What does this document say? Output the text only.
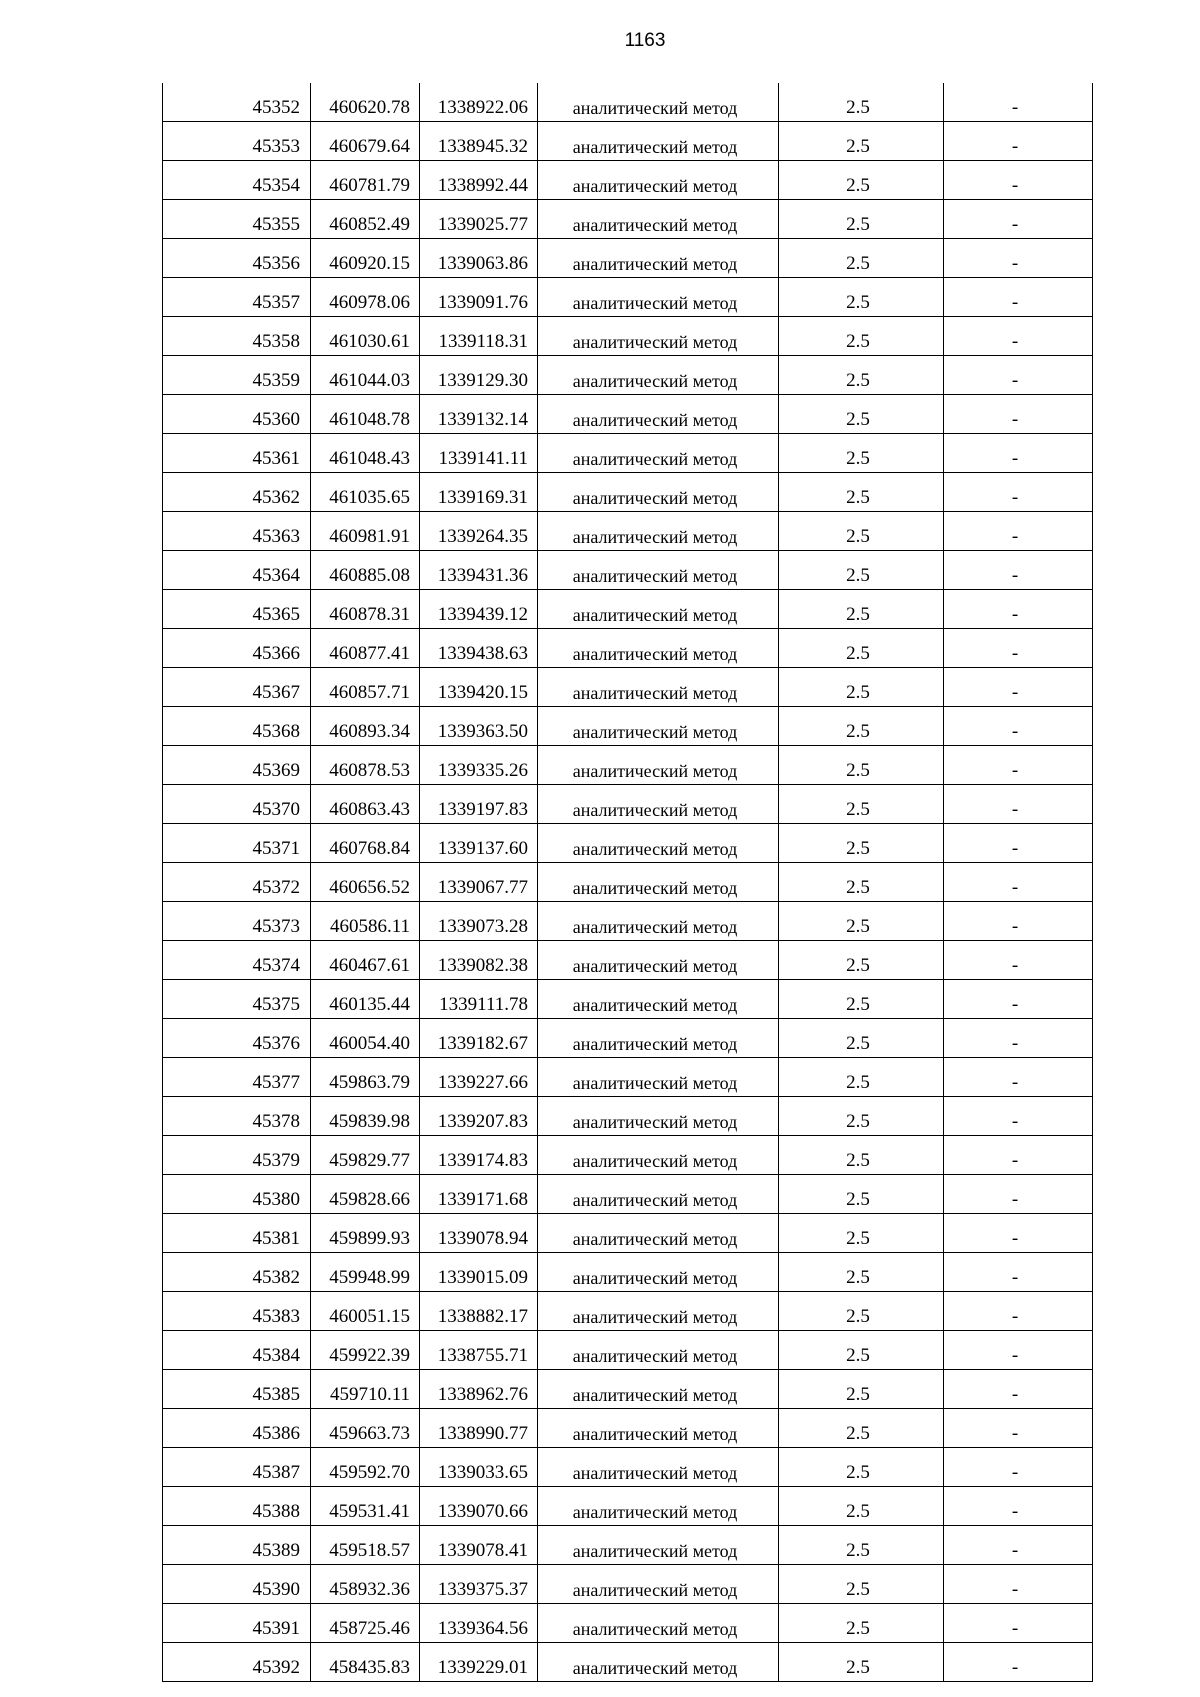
1163
45352	460620.78	1338922.06	аналитический метод	2.5	-
45353	460679.64	1338945.32	аналитический метод	2.5	-
45354	460781.79	1338992.44	аналитический метод	2.5	-
45355	460852.49	1339025.77	аналитический метод	2.5	-
45356	460920.15	1339063.86	аналитический метод	2.5	-
45357	460978.06	1339091.76	аналитический метод	2.5	-
45358	461030.61	1339118.31	аналитический метод	2.5	-
45359	461044.03	1339129.30	аналитический метод	2.5	-
45360	461048.78	1339132.14	аналитический метод	2.5	-
45361	461048.43	1339141.11	аналитический метод	2.5	-
45362	461035.65	1339169.31	аналитический метод	2.5	-
45363	460981.91	1339264.35	аналитический метод	2.5	-
45364	460885.08	1339431.36	аналитический метод	2.5	-
45365	460878.31	1339439.12	аналитический метод	2.5	-
45366	460877.41	1339438.63	аналитический метод	2.5	-
45367	460857.71	1339420.15	аналитический метод	2.5	-
45368	460893.34	1339363.50	аналитический метод	2.5	-
45369	460878.53	1339335.26	аналитический метод	2.5	-
45370	460863.43	1339197.83	аналитический метод	2.5	-
45371	460768.84	1339137.60	аналитический метод	2.5	-
45372	460656.52	1339067.77	аналитический метод	2.5	-
45373	460586.11	1339073.28	аналитический метод	2.5	-
45374	460467.61	1339082.38	аналитический метод	2.5	-
45375	460135.44	1339111.78	аналитический метод	2.5	-
45376	460054.40	1339182.67	аналитический метод	2.5	-
45377	459863.79	1339227.66	аналитический метод	2.5	-
45378	459839.98	1339207.83	аналитический метод	2.5	-
45379	459829.77	1339174.83	аналитический метод	2.5	-
45380	459828.66	1339171.68	аналитический метод	2.5	-
45381	459899.93	1339078.94	аналитический метод	2.5	-
45382	459948.99	1339015.09	аналитический метод	2.5	-
45383	460051.15	1338882.17	аналитический метод	2.5	-
45384	459922.39	1338755.71	аналитический метод	2.5	-
45385	459710.11	1338962.76	аналитический метод	2.5	-
45386	459663.73	1338990.77	аналитический метод	2.5	-
45387	459592.70	1339033.65	аналитический метод	2.5	-
45388	459531.41	1339070.66	аналитический метод	2.5	-
45389	459518.57	1339078.41	аналитический метод	2.5	-
45390	458932.36	1339375.37	аналитический метод	2.5	-
45391	458725.46	1339364.56	аналитический метод	2.5	-
45392	458435.83	1339229.01	аналитический метод	2.5	-
